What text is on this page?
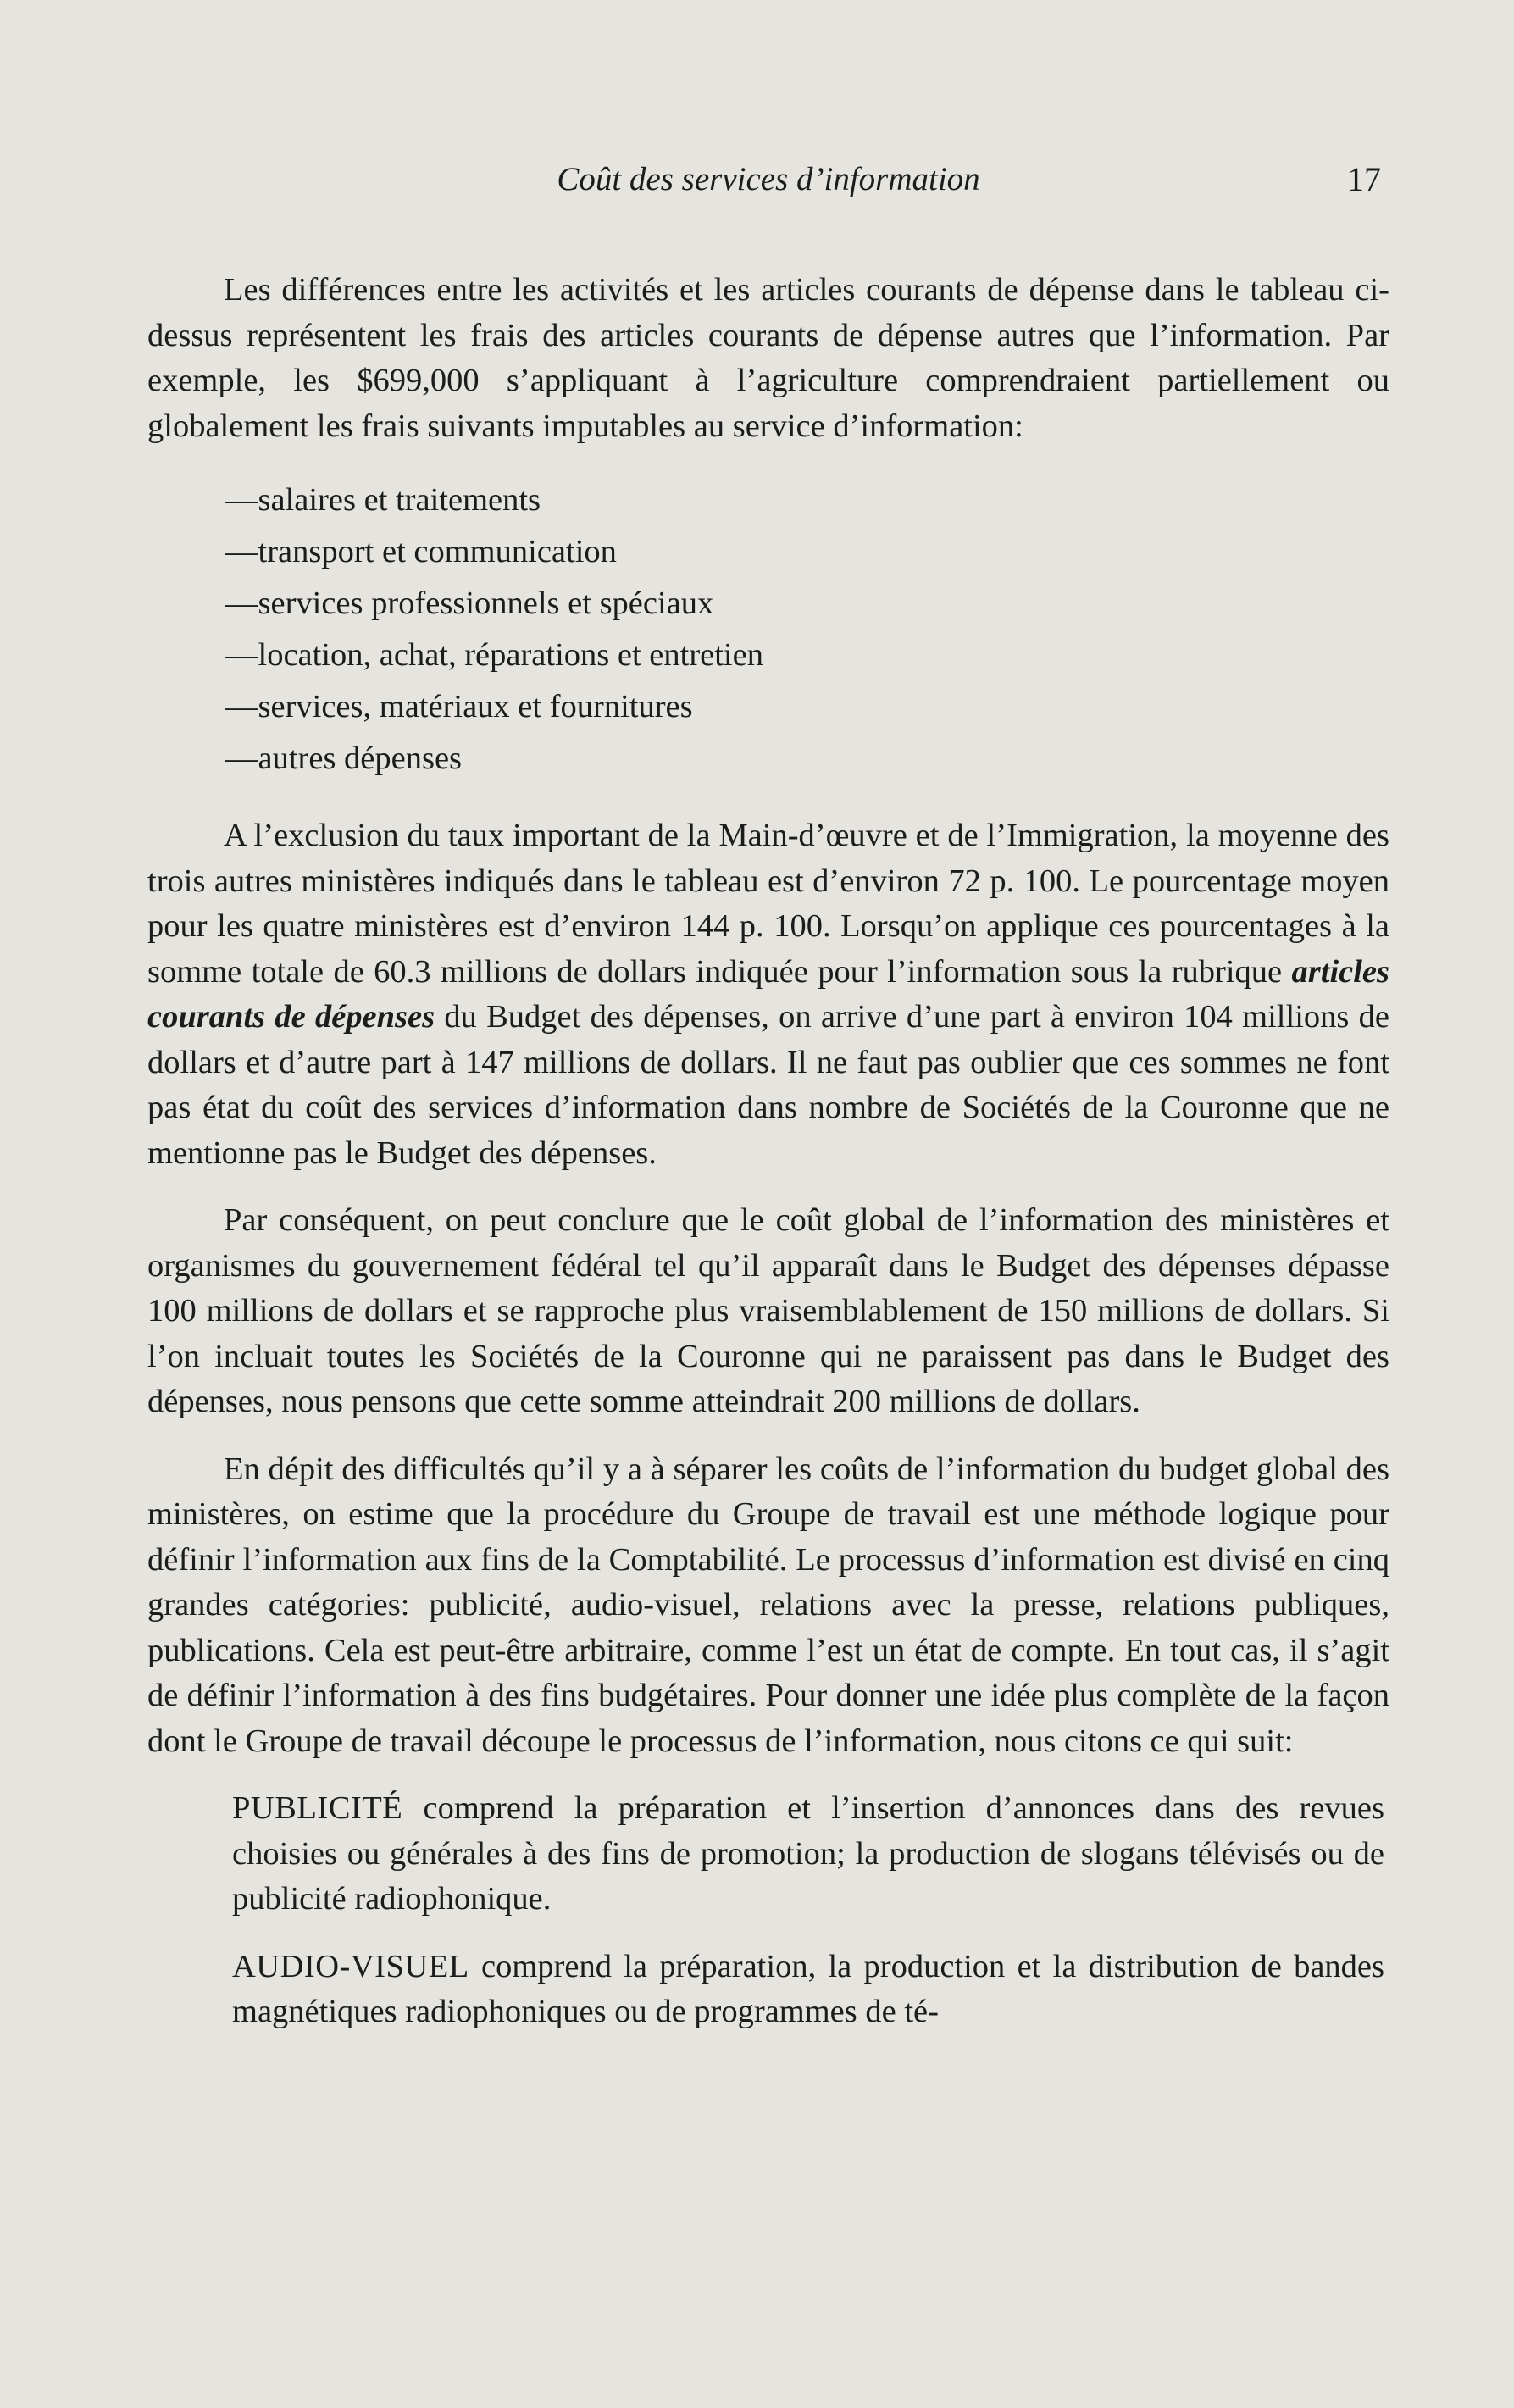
Coût des services d’information	17

Les différences entre les activités et les articles courants de dépense dans le tableau ci-dessus représentent les frais des articles courants de dépense autres que l’information. Par exemple, les $699,000 s’appliquant à l’agriculture comprendraient partiellement ou globalement les frais suivants imputables au service d’information:

—salaires et traitements
—transport et communication
—services professionnels et spéciaux
—location, achat, réparations et entretien
—services, matériaux et fournitures
—autres dépenses

A l’exclusion du taux important de la Main-d’œuvre et de l’Immigration, la moyenne des trois autres ministères indiqués dans le tableau est d’environ 72 p. 100. Le pourcentage moyen pour les quatre ministères est d’environ 144 p. 100. Lorsqu’on applique ces pourcentages à la somme totale de 60.3 millions de dollars indiquée pour l’information sous la rubrique articles courants de dépenses du Budget des dépenses, on arrive d’une part à environ 104 millions de dollars et d’autre part à 147 millions de dollars. Il ne faut pas oublier que ces sommes ne font pas état du coût des services d’information dans nombre de Sociétés de la Couronne que ne mentionne pas le Budget des dépenses.

Par conséquent, on peut conclure que le coût global de l’information des ministères et organismes du gouvernement fédéral tel qu’il apparaît dans le Budget des dépenses dépasse 100 millions de dollars et se rapproche plus vraisemblablement de 150 millions de dollars. Si l’on incluait toutes les Sociétés de la Couronne qui ne paraissent pas dans le Budget des dépenses, nous pensons que cette somme atteindrait 200 millions de dollars.

En dépit des difficultés qu’il y a à séparer les coûts de l’information du budget global des ministères, on estime que la procédure du Groupe de travail est une méthode logique pour définir l’information aux fins de la Comptabilité. Le processus d’information est divisé en cinq grandes catégories: publicité, audio-visuel, relations avec la presse, relations publiques, publications. Cela est peut-être arbitraire, comme l’est un état de compte. En tout cas, il s’agit de définir l’information à des fins budgétaires. Pour donner une idée plus complète de la façon dont le Groupe de travail découpe le processus de l’information, nous citons ce qui suit:

PUBLICITÉ comprend la préparation et l’insertion d’annonces dans des revues choisies ou générales à des fins de promotion; la production de slogans télévisés ou de publicité radiophonique.

AUDIO-VISUEL comprend la préparation, la production et la distribution de bandes magnétiques radiophoniques ou de programmes de té-
